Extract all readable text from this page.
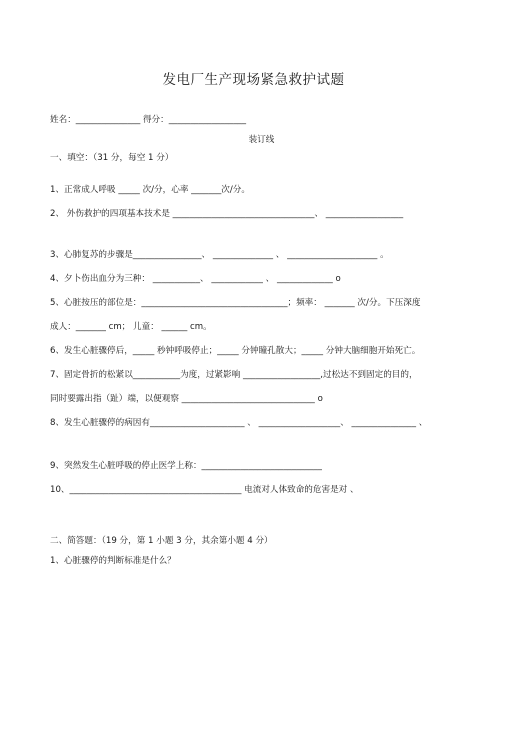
发电厂生产现场紧急救护试题
姓名：_______________ 得分：__________________
装订线
一、填空：（31 分，每空 1 分）
1、正常成人呼吸 _____ 次/分，心率 _______次/分。
2、 外伤救护的四项基本技术是 _________________________________、 __________________
3、心肺复苏的步骤是________________、 ______________ 、 _____________________ 。
4、夕卜伤出血分为三种： ___________、 ____________ 、 _____________ o
5、心脏按压的部位是：__________________________________；频率： _______ 次/分。下压深度
成人：_______ cm； 儿童： ______ cm。
6、发生心脏骤停后，_____ 秒钟呼吸停止；_____ 分钟瞳孔散大；_____ 分钟大脑细胞开始死亡。
7、固定骨折的松紧以___________为度，过紧影响 __________________,过松达不到固定的目的，
同时要露出指（趾）端，以便观察 _______________________________ o
8、发生心脏骤停的病因有______________________ 、 ___________________、 _______________ 、
9、突然发生心脏呼吸的停止医学上称：____________________________
10、________________________________________ 电流对人体致命的危害是对 、
二、简答题：（19 分，第 1 小题 3 分，其余第小题 4 分）
1、心脏骤停的判断标准是什么？
